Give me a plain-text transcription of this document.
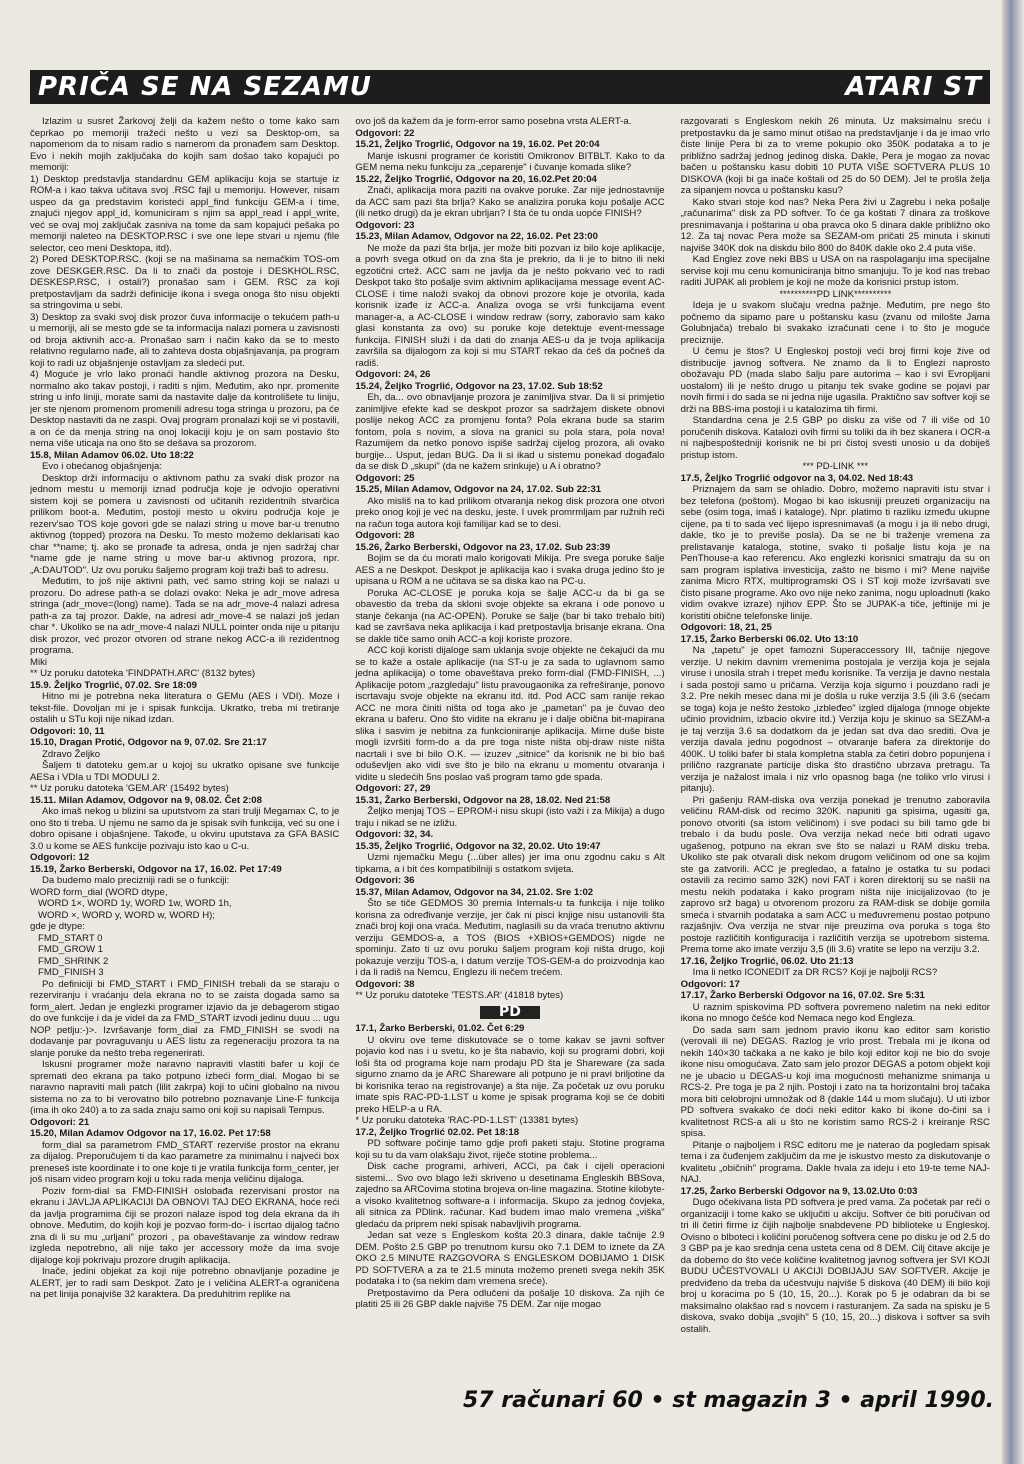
PRIČA SE NA SEZAMU	ATARI ST

Izlazim u susret Žarkovoj želji da kažem nešto o tome kako sam čeprkao po memoriji tražeći nešto u vezi sa Desktop-om, sa napomenom da to nisam radio s namerom da pronađem sam Desktop. Evo i nekih mojih zaključaka do kojih sam došao tako kopajući po memoriji:

1) Desktop predstavlja standardnu GEM aplikaciju koja se startuje iz ROM-a i kao takva učitava svoj .RSC fajl u memoriju. However, nisam uspeo da ga predstavim koristeći appl_find funkciju GEM-a i time, znajući njegov appl_id, komuniciram s njim sa appl_read i appl_write, već se ovaj moj zaključak zasniva na tome da sam kopajući pešaka po memoriji naleteo na DESKTOP.RSC i sve one lepe stvari u njemu (file selector, ceo meni Desktopa, itd).

2) Pored DESKTOP.RSC. (koji se na mašinama sa nemačkim TOS-om zove DESKGER.RSC. Da li to znači da postoje i DESKHOL.RSC, DESKESP.RSC, i ostali?) pronašao sam i GEM. RSC za koji pretpostavljam da sadrži definicije ikona i svega onoga što nisu objekti sa stringovima u sebi.

3) Desktop za svaki svoj disk prozor čuva informacije o tekućem path-u u memoriji, ali se mesto gde se ta informacija nalazi pomera u zavisnosti od broja aktivnih acc-a. Pronašao sam i način kako da se to mesto relativno regularno nađe, ali to zahteva dosta objašnjavanja, pa program koji to radi uz objašnjenje ostavljam za sledeći put.

4) Moguće je vrlo lako pronaći handle aktivnog prozora na Desku, normalno ako takav postoji, i raditi s njim. Međutim, ako npr. promenite string u info liniji, morate sami da nastavite dalje da kontrolišete tu liniju, jer ste njenom promenom promenili adresu toga stringa u prozoru, pa će Desktop nastaviti da ne zaspi. Ovaj program pronalazi koji se vi postavili, a on će da menja string na onoj lokaciji koju je on sam postavio što nema više uticaja na ono što se dešava sa prozorom.

15.8, Milan Adamov 06.02. Uto 18:22

Evo i obećanog objašnjenja:

Desktop drži informaciju o aktivnom pathu za svaki disk prozor na jednom mestu u memoriji iznad područja koje je odvojio operativni sistem koji se pomera u zavisnosti od učitanih rezidentnih stvarčica prilikom boot-a. Međutim, postoji mesto u okviru područja koje je rezerv'sao TOS koje govori gde se nalazi string u move bar-u trenutno aktivnog (topped) prozora na Desku. To mesto možemo deklarisati kao char **name; tj. ako se pronađe ta adresa, onda je njen sadržaj char *name gde je name string u move bar-u aktivnog prozora, npr. „A:DAUTOD". Uz ovu poruku šaljemo program koji traži baš to adresu.

Međutim, to još nije aktivni path, već samo string koji se nalazi u prozoru. Do adrese path-a se dolazi ovako: Neka je adr_move adresa stringa (adr_move=(long) name). Tada se na adr_move-4 nalazi adresa path-a za taj prozor. Dakle, na adresi adr_move-4 se nalazi još jedan char *. Ukoliko se na adr_move-4 nalazi NULL pointer onda nije u pitanju disk prozor, već prozor otvoren od strane nekog ACC-a ili rezidentnog programa.

Miki

** Uz poruku datoteka 'FINDPATH.ARC' (8132 bytes)

15.9. Željko Trogrlić, 07.02. Sre 18:09

Hitno mi je potrebna neka literatura o GEMu (AES i VDI). Moze i tekst-file. Dovoljan mi je i spisak funkcija. Ukratko, treba mi tretiranje ostalih u STu koji nije nikad izdan.

Odgovori: 10, 11

15.10, Dragan Protić, Odgovor na 9, 07.02. Sre 21:17

Zdravo Željko

Šaljem ti datoteku gem.ar u kojoj su ukratko opisane sve funkcije AESa i VDIa u TDI MODULI 2.

** Uz poruku datoteka 'GEM.AR' (15492 bytes)

15.11. Milan Adamov, Odgovor na 9, 08.02. Čet 2:08

Ako imaš nekog u blizini sa uputstvom za stari trulji Megamax C, to je ono što ti treba. U njemu ne samo da je spisak svih funkcija, već su one i dobro opisane i objašnjene. Takođe, u okviru uputstava za GFA BASIC 3.0 u kome se AES funkcije pozivaju isto kao u C-u.

Odgovori: 12

15.19, Žarko Berberski, Odgovor na 17, 16.02. Pet 17:49

Da budemo malo precizniji radi se o funkciji:

WORD form_dial (WORD dtype,

WORD 1×, WORD 1y, WORD 1w, WORD 1h,

WORD ×, WORD y, WORD w, WORD H);

gde je dtype:

FMD_START 0

FMD_GROW 1

FMD_SHRINK 2

FMD_FINISH 3

Po definiciji bi FMD_START i FMD_FINISH trebali da se staraju o rezerviranju i vraćanju dela ekrana no to se zaista dogada samo sa form_alert. Jedan je englezki programer izjavio da je debagerom stigao do ove funkcije i da je videl da za FMD_START izvodi jedinu duuu ... ugu NOP petlju:-)>. Izvršavanje form_dial za FMD_FINISH se svodi na dodavanje par povraguvanju u AES listu za regeneraciju prozora ta na slanje poruke da nešto treba regenerirati.

Iskusni programer može naravno napraviti vlastiti bafer u koji će spremati deo ekrana pa tako potpuno izbeći form_dial. Mogao bi se naravno napraviti mali patch (lilit zakrpa) koji to učini globalno na nivou sistema no za to bi verovatno bilo potrebno poznavanje Line-F funkcija (ima ih oko 240) a to za sada znaju samo oni koji su napisali Tempus.

Odgovori: 21

15.20, Milan Adamov Odgovor na 17, 16.02. Pet 17:58

form_dial sa parametrom FMD_START rezerviše prostor na ekranu za dijalog. Preporučujem ti da kao parametre za minimalnu i najveći box preneseš iste koordinate i to one koje ti je vratila funkcija form_center, jer još nisam video program koji u toku rada menja veličinu dijaloga.

Poziv form-dial sa FMD-FINISH oslobađa rezervisani prostor na ekranu i JAVLJA APLIKACIJI DA OBNOVI TAJ DEO EKRANA, hoće reći da javlja programima čiji se prozori nalaze ispod tog dela ekrana da ih obnove. Međutim, do kojih koji je pozvao form-do- i iscrtao dijalog tačno zna di li su mu „urljani" prozori , pa obaveštavanje za window redraw izgleda nepotrebno, ali nije tako jer accessory može da ima svoje dijaloge koji pokrivaju prozore drugih aplikacija.

Inače, jedini objekat za koji nije potrebno obnavljanje pozadine je ALERT, jer to radi sam Deskpot. Zato je i veličina ALERT-a ograničena na pet linija ponajviše 32 karaktera. Da preduhitrim replike na

ovo još da kažem da je form-error samo posebna vrsta ALERT-a.

Odgovori: 22

15.21, Željko Trogrlić, Odgovor na 19, 16.02. Pet 20:04

Manje iskusni programer će koristiti Omikronov BITBLT. Kako to da GEM nema neku funkciju za „ceparenje" i čuvanje komada slike?

15.22, Željko Trogrlić, Odgovor na 20, 16.02.Pet 20:04

Znači, aplikacija mora paziti na ovakve poruke. Zar nije jednostavnije da ACC sam pazi šta brlja? Kako se analizira poruka koju pošalje ACC (ili netko drugi) da je ekran ubrljan? I šta će tu onda uopće FINISH?

Odgovori: 23

15.23, Milan Adamov, Odgovor na 22, 16.02. Pet 23:00

Ne može da pazi šta brlja, jer može biti pozvan iz bilo koje aplikacije, a povrh svega otkud on da zna šta je prekrio, da li je to bitno ili neki egzotični crtež. ACC sam ne javlja da je nešto pokvario već to radi Deskpot tako što pošalje svim aktivnim aplikacijama message event AC-CLOSE i time naloži svakoj da obnovi prozore koje je otvorila, kada korisnik izađe iz ACC-a. Analiza ovoga se vrši funkcijama event manager-a, a AC-CLOSE i window redraw (sorry, zaboravio sam kako glasi konstanta za ovo) su poruke koje detektuje event-message funkcija. FINISH služi i da dati do znanja AES-u da je tvoja aplikacija završila sa dijalogom za koji si mu START rekao da ćeš da počneš da radiš.

Odgovori: 24, 26

15.24, Željko Trogrlić, Odgovor na 23, 17.02. Sub 18:52

Eh, da... ovo obnavljanje prozora je zanimljiva stvar. Da li si primjetio zanimljive efekte kad se deskpot prozor sa sadržajem diskete obnovi poslije nekog ACC za promjenu fonta? Pola ekrana bude sa starim fontom, pola s novim, a slova na granici su pola stara, pola nova! Razumijem da netko ponovo ispiše sadržaj cijelog prozora, ali ovako burgije... Usput, jedan BUG. Da li si ikad u sistemu ponekad događalo da se disk D „skupi" (da ne kažem srinkuje) u A i obratno?

Odgovori: 25

15.25, Milan Adamov, Odgovor na 24, 17.02. Sub 22:31

Ako misliš na to kad prilikom otvaranja nekog disk prozora one otvori preko onog koji je već na desku, jeste. I uvek promrmljam par ružnih reči na račun toga autora koji familijar kad se to desi.

Odgovori: 28

15.26, Žarko Berberski, Odgovor na 23, 17.02. Sub 23:39

Bojim se da ću morati malo korigovati Mikija. Pre svega poruke šalje AES a ne Deskpot. Deskpot je aplikacija kao i svaka druga jedino što je upisana u ROM a ne učitava se sa diska kao na PC-u.

Poruka AC-CLOSE je poruka koja se šalje ACC-u da bi ga se obavestio da treba da skloni svoje objekte sa ekrana i ode ponovo u stanje čekanja (na AC-OPEN). Poruke se šalje (bar bi tako trebalo biti) kad se završava neka aplikacija i kad pretpostavlja brisanje ekrana. Ona se dakle tiče samo onih ACC-a koji koriste prozore.

ACC koji koristi dijaloge sam uklanja svoje objekte ne čekajući da mu se to kaže a ostale aplikacije (na ST-u je za sada to uglavnom samo jedna aplikacija) o tome obaveštava preko form-dial (FMD-FINISH, ...) Aplikacije potom „razgledaju" listu pravougaonika za refreširanje, ponovo iscrtavaju svoje objekte na ekranu itd. itd. Pod ACC sam ranije rekao ACC ne mora činiti ništa od toga ako je „pametan" pa je čuvao deo ekrana u baferu. Ono što vidite na ekranu je i dalje obična bit-mapirana slika i sasvim je nebitna za funkcioniranje aplikacija. Mirne duše biste mogli izvršiti form-do a da pre toga niste ništa obj-draw niste ništa nacrtali i sve bi bilo O.K. — izuzev „sitnice" da korisnik ne bi bio baš oduševljen ako vidi sve što je bilo na ekranu u momentu otvaranja i vidite u sledećih 5ns poslao vaš program tamo gde spada.

Odgovori: 27, 29

15.31, Žarko Berberski, Odgovor na 28, 18.02. Ned 21:58

Željko menjaj TOS – EPROM-i nisu skupi (isto važi i za Mikija) a dugo traju i nikad se ne izližu.

Odgovori: 32, 34.

15.35, Željko Trogrlić, Odgovor na 32, 20.02. Uto 19:47

Uzmi njemačku Megu (...über alles) jer ima onu zgodnu caku s Alt tipkama, a i bit ćes kompatibilniji s ostatkom svijeta.

Odgovori: 36

15.37, Milan Adamov, Odgovor na 34, 21.02. Sre 1:02

Što se tiče GEDMOS 30 premia Internals-u ta funkcija i nije toliko korisna za određivanje verzije, jer čak ni pisci knjige nisu ustanovili šta znači broj koji ona vraća. Međutim, naglasili su da vraća trenutno aktivnu verziju GEMDOS-a, a TOS (BIOS +XBIOS+GEMDOS) nigde ne spominju. Zato ti uz ovu poruku šaljem program koji ništa drugo, koji pokazuje verziju TOS-a, i datum verzije TOS-GEM-a do proizvodnja kao i da li radiš na Nemcu, Englezu ili nečem trećem.

Odgovori: 38

** Uz poruku datoteke 'TESTS.AR' (41818 bytes)

PD

17.1, Žarko Berberski, 01.02. Čet 6:29

U okviru ove teme diskutovaće se o tome kakav se javni softver pojavio kod nas i u svetu, ko je šta nabavio, koji su programi dobri, koji loši šta od programa koje nam prodaju PD šta je Shareware (za sada sigurno znamo da je ARC Shareware ali potpuno je ni pravi briljotine da bi korisnika terao na registrovanje) a šta nije. Za početak uz ovu poruku imate spis RAC-PD-1.LST u kome je spisak programa koji se će dobiti preko HELP-a u RA.

* Uz poruku datoteka 'RAC-PD-1.LST' (13381 bytes)

17.2, Željko Trogrlić 02.02. Pet 18:18

PD software počinje tamo gdje profi paketi staju. Stotine programa koji su tu da vam olakšaju život, riječe stotine problema...

Disk cache programi, arhiveri, ACCi, pa čak i cijeli operacioni sistemi... Svo ovo blago leži skriveno u desetinama Engleskih BBSova, zajedno sa ARCovima stotina brojeva on-line magazina. Stotine kilobyte-a visoko kvalitetnog software-a i informacija. Skupo za jednog čovjeka, ali sitnica za PDlink. računar. Kad budem imao malo vremena „viška" gledaću da priprem neki spisak nabavljivih programa.

Jedan sat veze s Engleskom košta 20.3 dinara, dakle tačnije 2.9 DEM. Pošto 2.5 GBP po trenutnom kursu oko 7.1 DEM to iznete da ZA OKO 2.5 MINUTE RAZGOVORA S ENGLESKOM DOBIJAMO 1 DISK PD SOFTVERA a za te 21.5 minuta možemo preneti svega nekih 35K podataka i to (sa nekim dam vremena sreće).

Pretpostavimo da Pera odlučeni da pošalje 10 diskova. Za njih će platiti 25 ili 26 GBP dakle najviše 75 DEM. Zar nije mogao

razgovarati s Engleskom nekih 26 minuta. Uz maksimalnu sreću i pretpostavku da je samo minut otišao na predstavljanje i da je imao vrlo čiste linije Pera bi za to vreme pokupio oko 350K podataka a to je približno sadržaj jednog jedinog diska. Dakle, Pera je mogao za novac bačen u poštansku kasu dobiti 10 PUTA VIŠE SOFTVERA PLUS 10 DISKOVA (koji bi ga inače koštali od 25 do 50 DEM). Jel te prošla želja za sipanjem novca u poštansku kasu?

Kako stvari stoje kod nas? Neka Pera živi u Zagrebu i neka pošalje „računarima" disk za PD softver. To će ga koštati 7 dinara za troškove presnimavanja i poštarina u oba pravca oko 5 dinara dakle približno oko 12. Za taj novac Pera može sa SEZAM-om pričati 25 minuta i skinuti najviše 340K dok na diskdu bilo 800 do 840K dakle oko 2.4 puta više.

Kad Englez zove neki BBS u USA on na raspolaganju ima specijalne servise koji mu cenu komuniciranja bitno smanjuju. To je kod nas trebao raditi JUPAK ali problem je koji ne može da korisnici prstup istom.

**********PD LINK**********

Ideja je u svakom slučaju vredna pažnje. Međutim, pre nego što počnemo da sipamo pare u poštansku kasu (zvanu od milošte Jama Golubnjača) trebalo bi svakako izračunati cene i to što je moguće preciznije.

U čemu je štos? U Engleskoj postoji veći broj firmi koje žive od distribucije javnog softvera. Ne znamo da li to Englezi naprosto obožavaju PD (mada slabo šalju pare autorima – kao i svi Evropljani uostalom) ili je nešto drugo u pitanju tek svake godine se pojavi par novih firmi i do sada se ni jedna nije ugasila. Praktično sav softver koji se drži na BBS-ima postoji i u katalozima tih firmi.

Standardna cena je 2.5 GBP po disku za više od 7 ili više od 10 poručenih diskova. Katalozi ovih firmi su toliki da ih bez skanera i OCR-a ni najbespoštedniji korisnik ne bi pri čistoj svesti unosio u da dobiješ pristup istom.

*** PD-LINK ***

17.5, Željko Trogrlić odgovor na 3, 04.02. Ned 18:43

Priznajem da sam se ohladio. Dobro, možemo napraviti istu stvar i bez telefona (poštom). Mogao bi kao iskusniji preuzeti organizaciju na sebe (osim toga, imaš i kataloge). Npr. platimo ti razliku između ukupne cijene, pa ti to sada već lijepo ispresnimavaš (a mogu i ja ili nebo drugi, dakle, tko je to previše posla). Da se ne bi traženje vremena za prelistavanje kataloga, stotine, svako ti pošalje listu koja je na PenThouse-a kao referencu. Ako englezki korisnici smatraju da su on sam program isplativa investicija, zašto ne bismo i mi? Mene najviše zanima Micro RTX, multiprogramski OS i ST koji može izvršavati sve čisto pisane programe. Ako ovo nije neko zanima, nogu uploadnuti (kako vidim ovakve izraze) njihov EPP. Što se JUPAK-a tiče, jeftinije mi je koristiti obične telefonske linije.

Odgovori: 18, 21, 25

17.15, Žarko Berberski 06.02. Uto 13:10

Na „tapetu" je opet famozni Superaccessory III, tačnije njegove verzije. U nekim davnim vremenima postojala je verzija koja je sejala viruse i unosila strah i trepet među korisnike. Ta verzija je davno nestala i sada postoji samo u pričama. Verzija koja sigurno i pouzdano radi je 3.2. Pre nekih mesec dana mi je došla u ruke verzija 3.5 (ili 3.6 (sećam se toga) koja je nešto žestoko „izbleđeo" izgled dijaloga (mnoge objekte učinio providnim, izbacio okvire itd.) Verzija koju je skinuo sa SEZAM-a je taj verzija 3.6 sa dodatkom da je jedan sat dva dao srediti. Ova je verzija davala jednu pogodnost – otvaranje bafera za direktorije do 400K. U toliki bafer bi stala kompletna stabla za četiri dobro popunjena i prilično razgranate particije diska što drastično ubrzava pretragu. Ta verzija je nažalost imala i niz vrlo opasnog baga (ne toliko vrlo virusi i pitanju).

Pri gašenju RAM-diska ova verzija ponekad je trenutno zaboravila veličinu RAM-disk od recimo 320K. napuniti ga spisima, ugasiti ga, ponovo otvoriti (sa istom veličinom) i sve podaci su bili tamo gde bi trebalo i da budu posle. Ova verzija nekad neće biti odrati ugavo ugašenog, potpuno na ekran sve što se nalazi u RAM disku treba. Ukoliko ste pak otvarali disk nekom drugom veličinom od one sa kojim ste ga zatvorili. ACC je pregledao, a fatalno je ostatka tu su podaci ostavili za recimo samo 32K) novi FAT i koren direktorij su se našli na mestu nekih podataka i kako program ništa nije inicijalizovao (to je zaprovo srž baga) u otvorenom prozoru za RAM-disk se dobije gomila smeća i stvarnih podataka a sam ACC u međuvremenu postao potpuno razjašnjiv. Ova verzija ne stvar nije preuzima ova poruka s toga što postoje različitih konfiguracija i različitih verzija se upotrebom sistema. Prema tome ako imate verziju 3,5 (ili 3.6) vratite se lepo na verziju 3.2.

17.16, Željko Trogrlić, 06.02. Uto 21:13

Ima li netko ICONEDIT za DR RCS? Koji je najbolji RCS?

Odgovori: 17

17.17, Žarko Berberski Odgovor na 16, 07.02. Sre 5:31

U raznim spiskovima PD softvera povremeno naletim na neki editor ikona no mnogo češće kod Nemaca nego kod Engleza.

Do sada sam sam jednom pravio ikonu kao editor sam koristio (verovali ili ne) DEGAS. Razlog je vrlo prost. Trebala mi je ikona od nekih 140×30 tačkaka a ne kako je bilo koji editor koji ne bio do svoje ikone nisu omogućava. Zato sam jelo prozor DEGAS a potom objekt koji ne je ubacio u DEGAS-u koji ima mogućnosti mehanizme snimanja u RCS-2. Pre toga je pa 2 njih. Postoji i zato na ta horizontalni broj tačaka mora biti celobrojni umnožak od 8 (dakle 144 u mom slučaju). U uti izbor PD softvera svakako će doći neki editor kako bi ikone do-čini sa i kvalitetnost RCS-a ali u što ne koristim samo RCS-2 i kreiranje RSC spisa.

Pitanje o najboljem i RSC editoru me je naterao da pogledam spisak tema i za čuđenjem zaključim da me je iskustvo mesto za diskutovanje o kvalitetu „običnih" programa. Dakle hvala za ideju i eto 19-te teme NAJ-NAJ.

17.25, Žarko Berberski Odgovor na 9, 13.02.Uto 0:03

Dugo očekivana lista PD softvera je pred vama. Za početak par reči o organizaciji i tome kako se uključiti u akciju. Softver će biti poručivan od tri ili četiri firme iz čijih najbolje snabdevene PD biblioteke u Engleskoj. Ovisno o blboteci i količini poručenog softvera cene po disku je od 2.5 do 3 GBP pa je kao srednja cena usteta cena od 8 DEM. Cilj čitave akcije je da dobemo do što veće količine kvalitetnog javnog softvera jer SVI KOJI BUDU UČESTVOVALI U AKCIJI DOBIJAJU SAV SOFTVER. Akcije je predviđeno da treba da učestvuju najviše 5 diskova (40 DEM) ili bilo koji broj u koracima po 5 (10, 15, 20...). Korak po 5 je odabran da bi se maksimalno olakšao rad s novcem i rasturanjem. Za sada na spisku je 5 diskova, svako dobija „svojih" 5 (10, 15, 20...) diskova i softver sa svih ostalih.

57 računari 60 • st magazin 3 • april 1990.
